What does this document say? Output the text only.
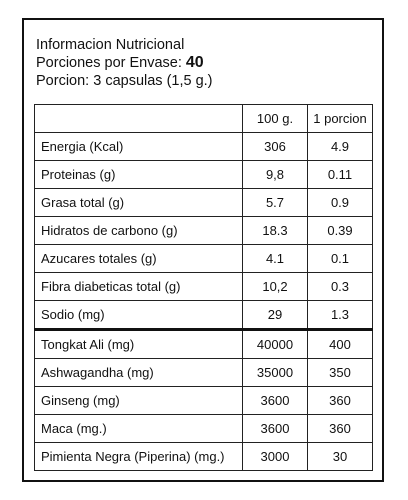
Informacion Nutricional
Porciones por Envase: 40
Porcion: 3 capsulas (1,5 g.)
	100 g.	1 porcion
Energia (Kcal)	306	4.9
Proteinas (g)	9,8	0.11
Grasa total (g)	5.7	0.9
Hidratos de carbono (g)	18.3	0.39
Azucares totales (g)	4.1	0.1
Fibra diabeticas total (g)	10,2	0.3
Sodio (mg)	29	1.3
Tongkat Ali (mg)	40000	400
Ashwagandha (mg)	35000	350
Ginseng (mg)	3600	360
Maca (mg.)	3600	360
Pimienta Negra (Piperina) (mg.)	3000	30
